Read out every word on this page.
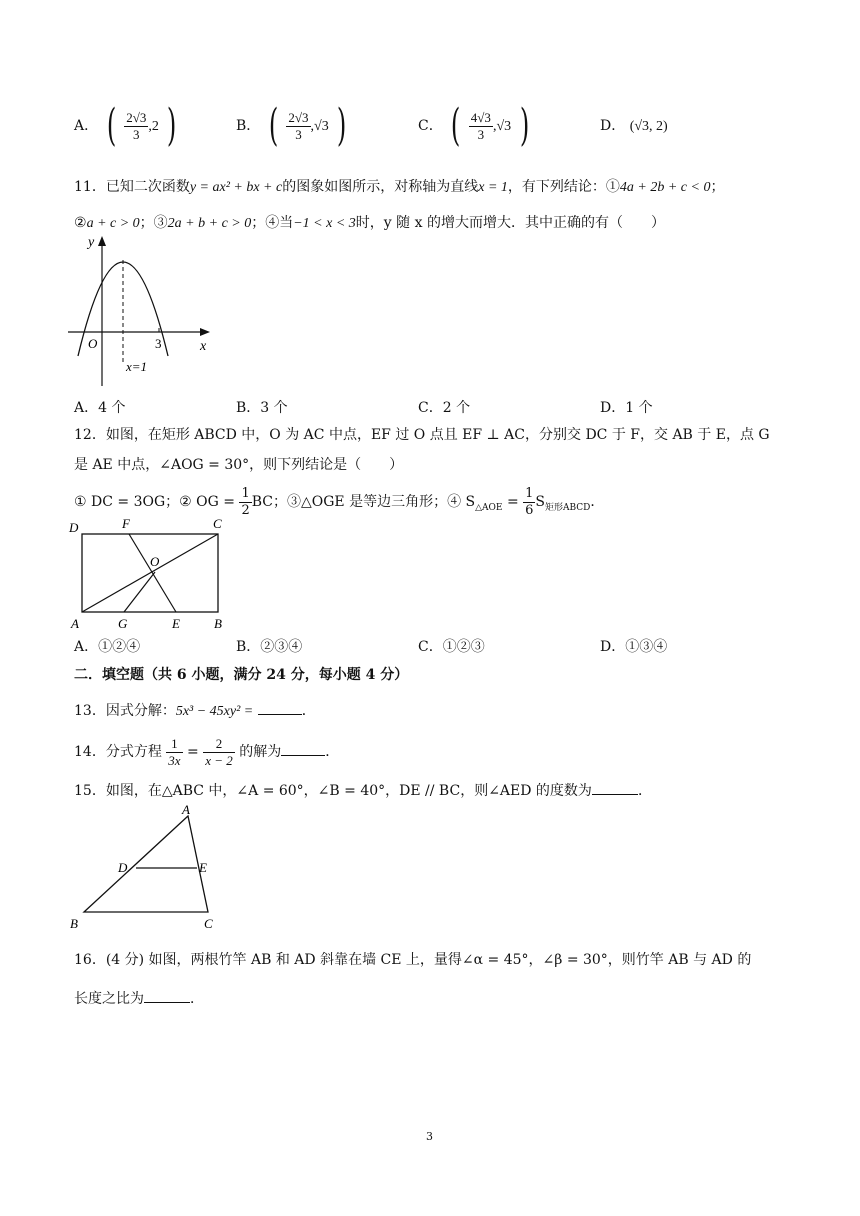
A． ( $\frac{2√3}{3} ,2$ )	B． ( $\frac{2√3}{3} ,√3$ )	C． ( $\frac{4√3}{3} ,√3$ )	D． (√3, 2)
11．已知二次函数y = ax² + bx + c的图象如图所示，对称轴为直线x = 1，有下列结论：①4a + 2b + c < 0；
②a + c > 0；③2a + b + c > 0；④当−1 < x < 3时，y 随 x 的增大而增大．其中正确的有（　　）
y
x
O	3
x=1
A．4 个	B．3 个	C．2 个	D．1 个
12．如图，在矩形 ABCD 中，O 为 AC 中点，EF 过 O 点且 EF ⊥ AC，分别交 DC 于 F，交 AB 于 E，点 G
是 AE 中点，∠AOG = 30°，则下列结论是（　　）
① DC = 3OG；② OG = $\frac{1}{2}$ BC；③△OGE 是等边三角形；④ $S_{\triangle AOE} = \frac{1}{6} S_{矩形ABCD}$．
D	F	C
O
A	G	E	B
A．①②④	B．②③④	C．①②③	D．①③④
二．填空题（共 6 小题，满分 24 分，每小题 4 分）
13．因式分解：5x³ − 45xy² =	．
14．分式方程 $\frac{1}{3x} = \frac{2}{x - 2}$ 的解为	．
15．如图，在△ABC 中，∠A = 60°，∠B = 40°，DE // BC，则∠AED 的度数为	．
A
D	E
B	C
16．(4 分) 如图，两根竹竿 AB 和 AD 斜靠在墙 CE 上，量得∠α = 45°，∠β = 30°，则竹竿 AB 与 AD 的
长度之比为	．
3
